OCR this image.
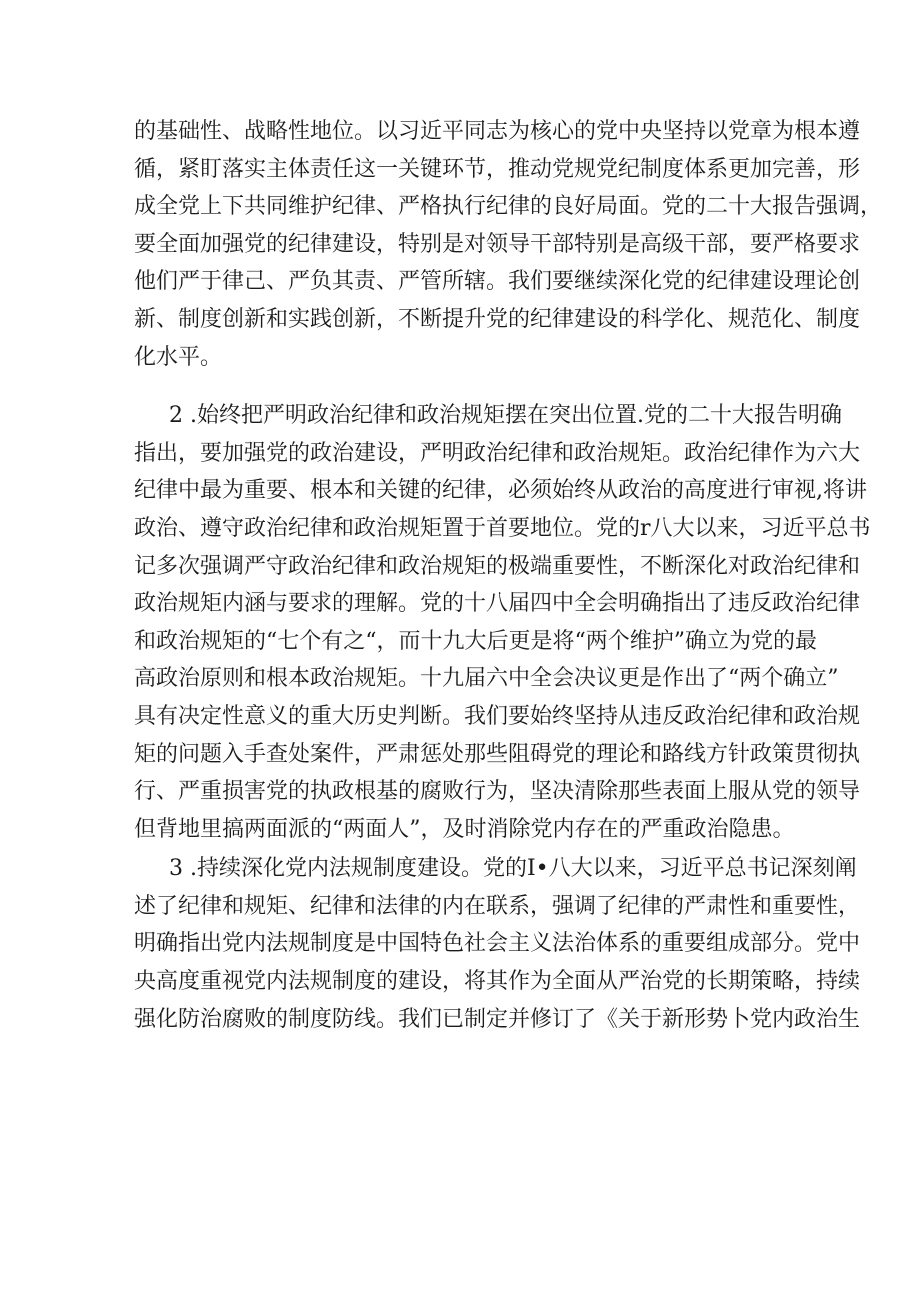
的基础性、战略性地位。以习近平同志为核心的党中央坚持以党章为根本遵
循，紧盯落实主体责任这一关键环节，推动党规党纪制度体系更加完善，形
成全党上下共同维护纪律、严格执行纪律的良好局面。党的二十大报告强调，
要全面加强党的纪律建设，特别是对领导干部特别是高级干部，要严格要求
他们严于律己、严负其责、严管所辖。我们要继续深化党的纪律建设理论创
新、制度创新和实践创新，不断提升党的纪律建设的科学化、规范化、制度
化水平。
2 .始终把严明政治纪律和政治规矩摆在突出位置.党的二十大报告明确
指出，要加强党的政治建设，严明政治纪律和政治规矩。政治纪律作为六大
纪律中最为重要、根本和关键的纪律，必须始终从政治的高度进行审视,将讲
政治、遵守政治纪律和政治规矩置于首要地位。党的r八大以来，习近平总书
记多次强调严守政治纪律和政治规矩的极端重要性，不断深化对政治纪律和
政治规矩内涵与要求的理解。党的十八届四中全会明确指出了违反政治纪律
和政治规矩的“七个有之“，而十九大后更是将“两个维护”确立为党的最
高政治原则和根本政治规矩。十九届六中全会决议更是作出了“两个确立”
具有决定性意义的重大历史判断。我们要始终坚持从违反政治纪律和政治规
矩的问题入手查处案件，严肃惩处那些阻碍党的理论和路线方针政策贯彻执
行、严重损害党的执政根基的腐败行为，坚决清除那些表面上服从党的领导
但背地里搞两面派的“两面人”，及时消除党内存在的严重政治隐患。
3 .持续深化党内法规制度建设。党的I•八大以来，习近平总书记深刻阐
述了纪律和规矩、纪律和法律的内在联系，强调了纪律的严肃性和重要性，
明确指出党内法规制度是中国特色社会主义法治体系的重要组成部分。党中
央高度重视党内法规制度的建设，将其作为全面从严治党的长期策略，持续
强化防治腐败的制度防线。我们已制定并修订了《关于新形势卜党内政治生
